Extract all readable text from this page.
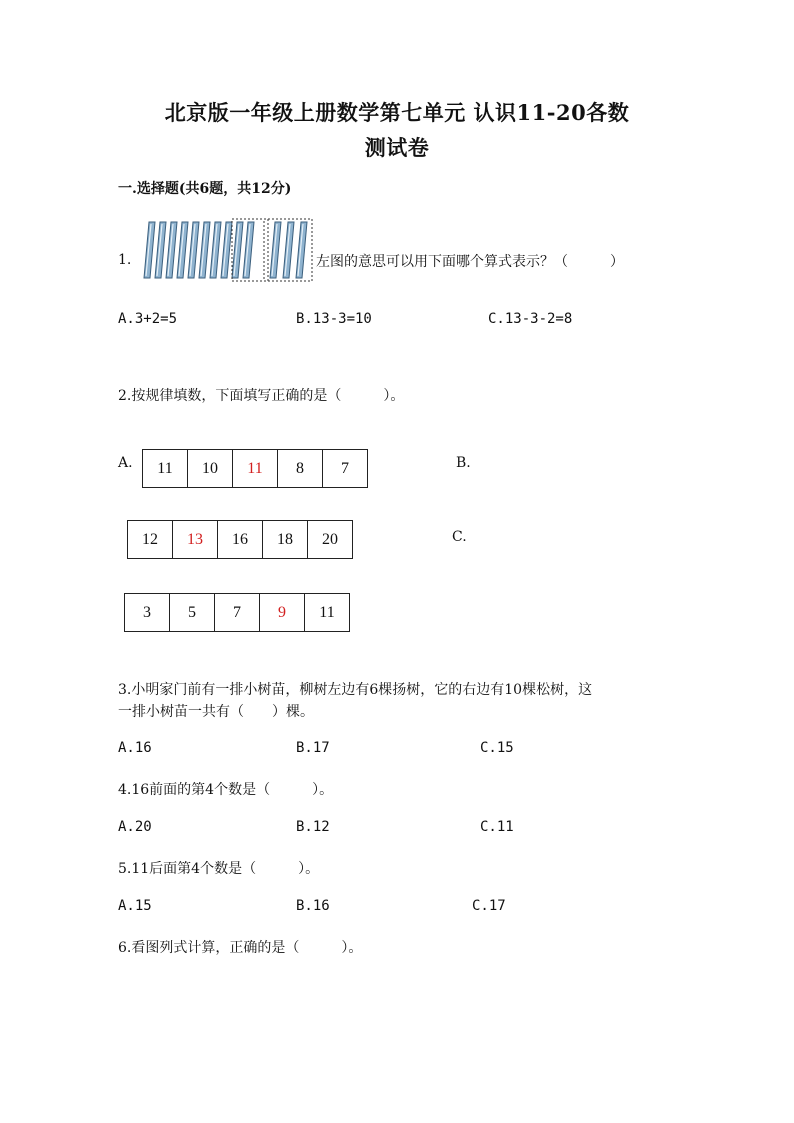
北京版一年级上册数学第七单元 认识11-20各数
测试卷
一.选择题(共6题，共12分)
1.	左图的意思可以用下面哪个算式表示？（　　　）
A.3+2=5	B.13-3=10	C.13-3-2=8
2.按规律填数，下面填写正确的是（　　　）。
A.	11	10	11	8	7	B.
12	13	16	18	20	C.
3	5	7	9	11
3.小明家门前有一排小树苗，柳树左边有6棵扬树，它的右边有10棵松树，这
一排小树苗一共有（　　）棵。
A.16	B.17	C.15
4.16前面的第4个数是（　　　）。
A.20	B.12	C.11
5.11后面第4个数是（　　　）。
A.15	B.16	C.17
6.看图列式计算，正确的是（　　　）。
